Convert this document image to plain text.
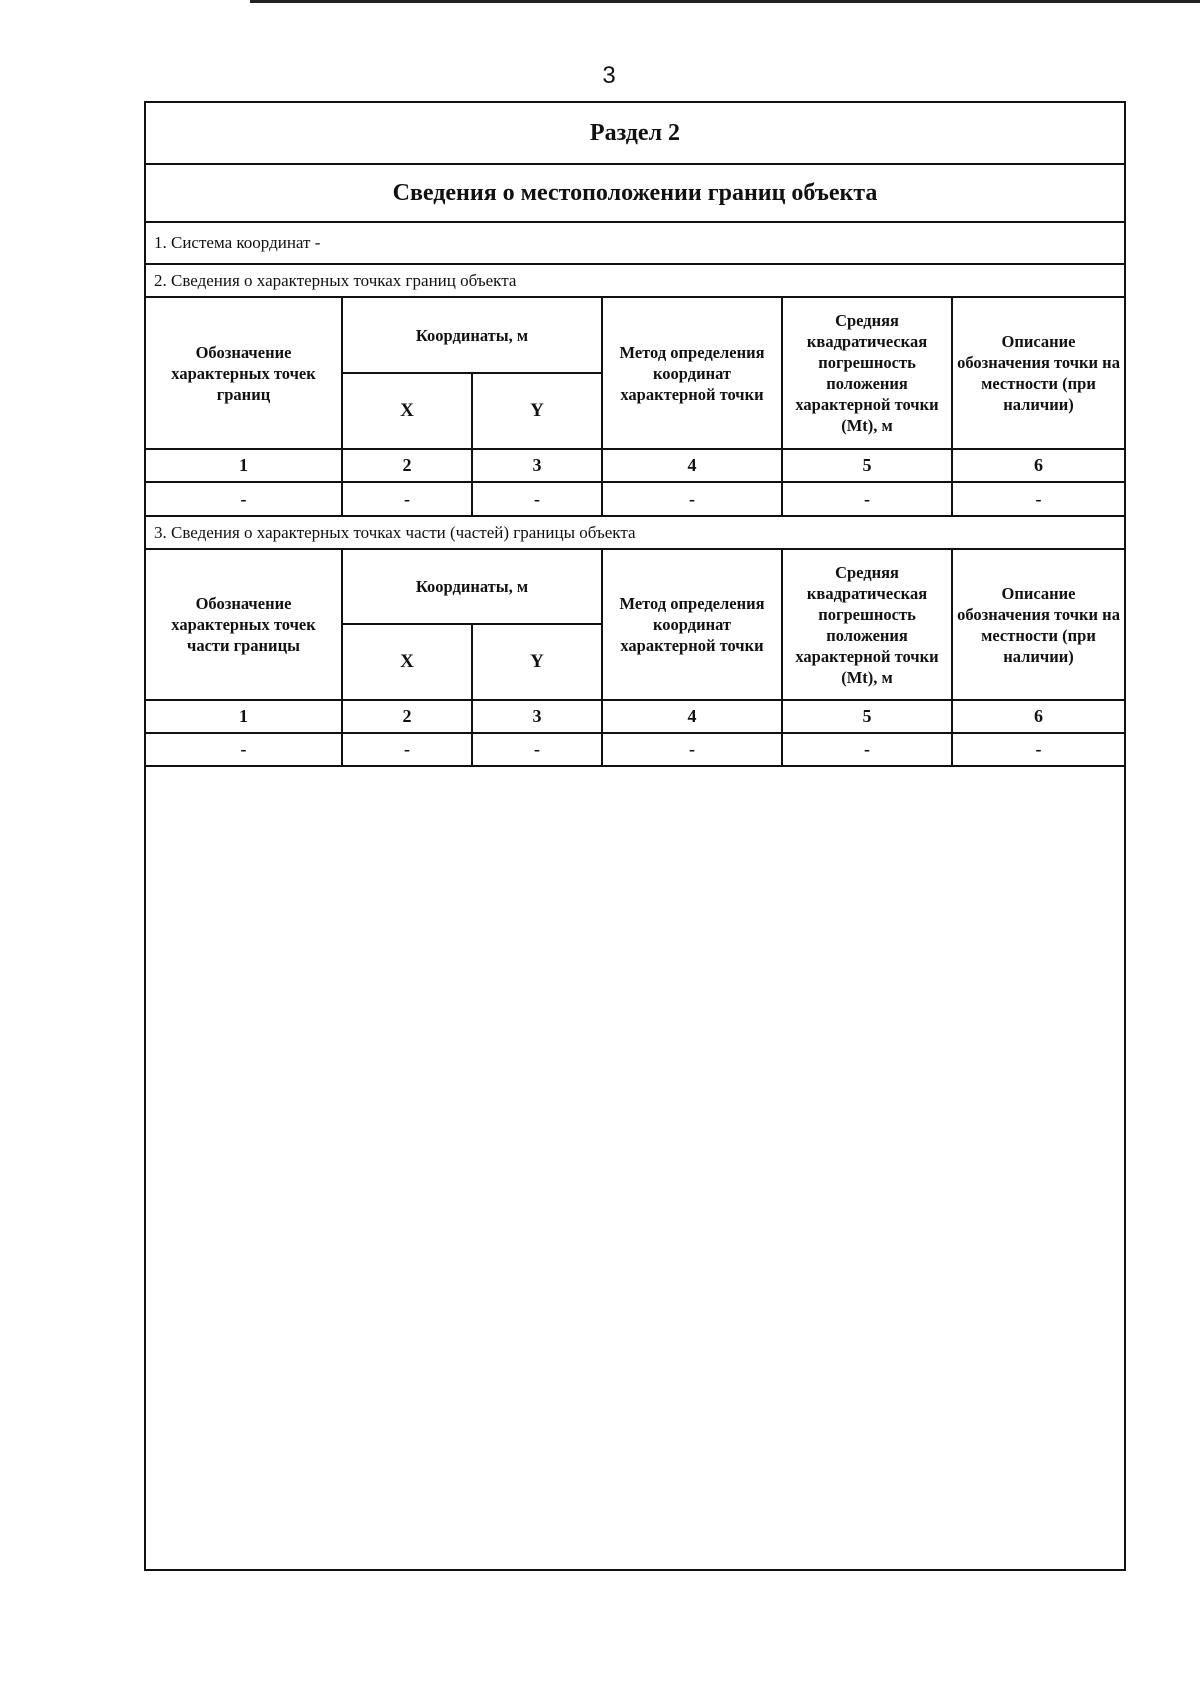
3
Раздел 2
Сведения о местоположении границ объекта
1. Система координат -
2. Сведения о характерных точках границ объекта
Обозначение характерных точек границ	Координаты, м		Метод определения координат характерной точки	Средняя квадратическая погрешность положения характерной точки (Mt), м	Описание обозначения точки на местности (при наличии)
	X	Y			
1	2	3	4	5	6
-	-	-	-	-	-
3. Сведения о характерных точках части (частей) границы объекта
Обозначение характерных точек части границы	Координаты, м		Метод определения координат характерной точки	Средняя квадратическая погрешность положения характерной точки (Mt), м	Описание обозначения точки на местности (при наличии)
	X	Y			
1	2	3	4	5	6
-	-	-	-	-	-
